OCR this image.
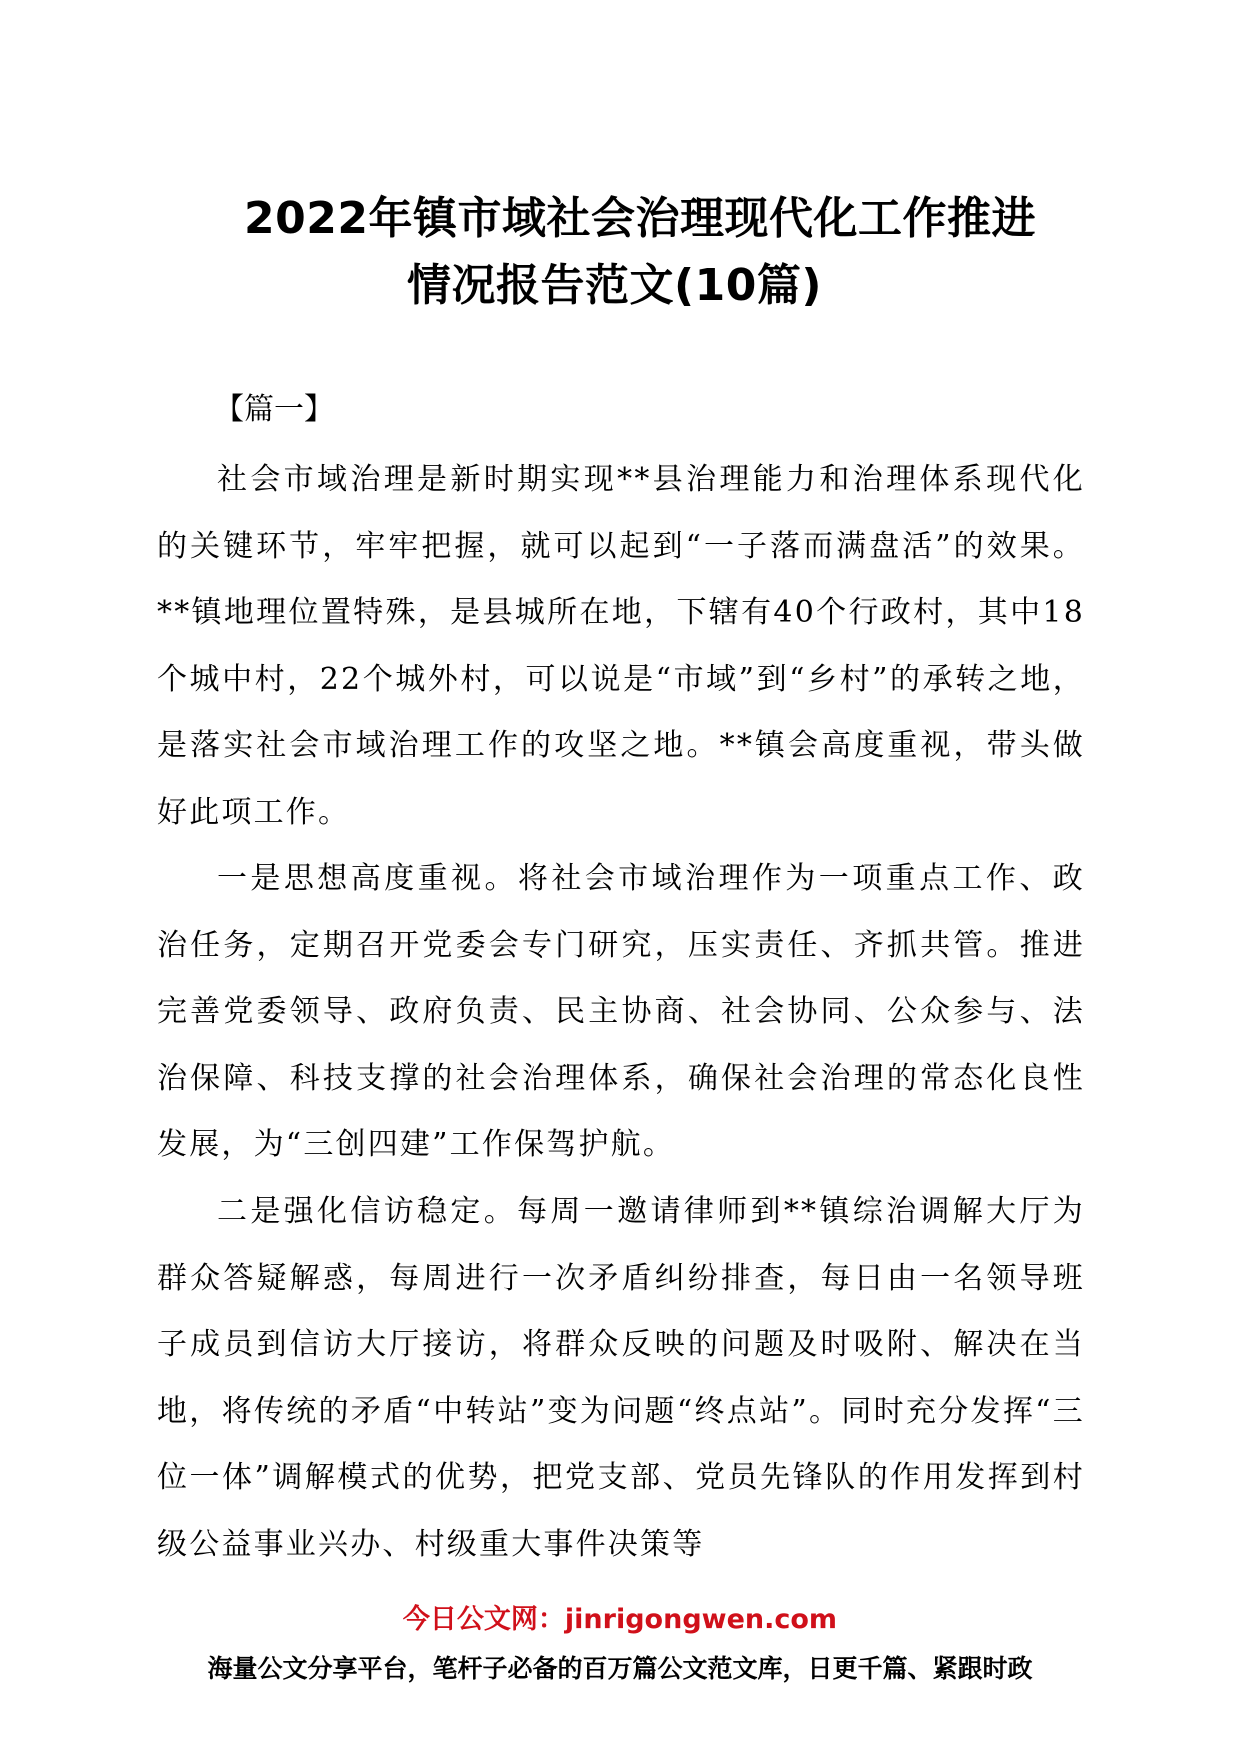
2022年镇市域社会治理现代化工作推进
情况报告范文(10篇)
【篇一】

社会市域治理是新时期实现**县治理能力和治理体系现代化的关键环节，牢牢把握，就可以起到“一子落而满盘活”的效果。**镇地理位置特殊，是县城所在地，下辖有40个行政村，其中18个城中村，22个城外村，可以说是“市域”到“乡村”的承转之地，是落实社会市域治理工作的攻坚之地。**镇会高度重视，带头做好此项工作。

一是思想高度重视。将社会市域治理作为一项重点工作、政治任务，定期召开党委会专门研究，压实责任、齐抓共管。推进完善党委领导、政府负责、民主协商、社会协同、公众参与、法治保障、科技支撑的社会治理体系，确保社会治理的常态化良性发展，为“三创四建”工作保驾护航。

二是强化信访稳定。每周一邀请律师到**镇综治调解大厅为群众答疑解惑，每周进行一次矛盾纠纷排查，每日由一名领导班子成员到信访大厅接访，将群众反映的问题及时吸附、解决在当地，将传统的矛盾“中转站”变为问题“终点站”。同时充分发挥“三位一体”调解模式的优势，把党支部、党员先锋队的作用发挥到村级公益事业兴办、村级重大事件决策等

今日公文网：jinrigongwen.com
海量公文分享平台，笔杆子必备的百万篇公文范文库，日更千篇、紧跟时政
